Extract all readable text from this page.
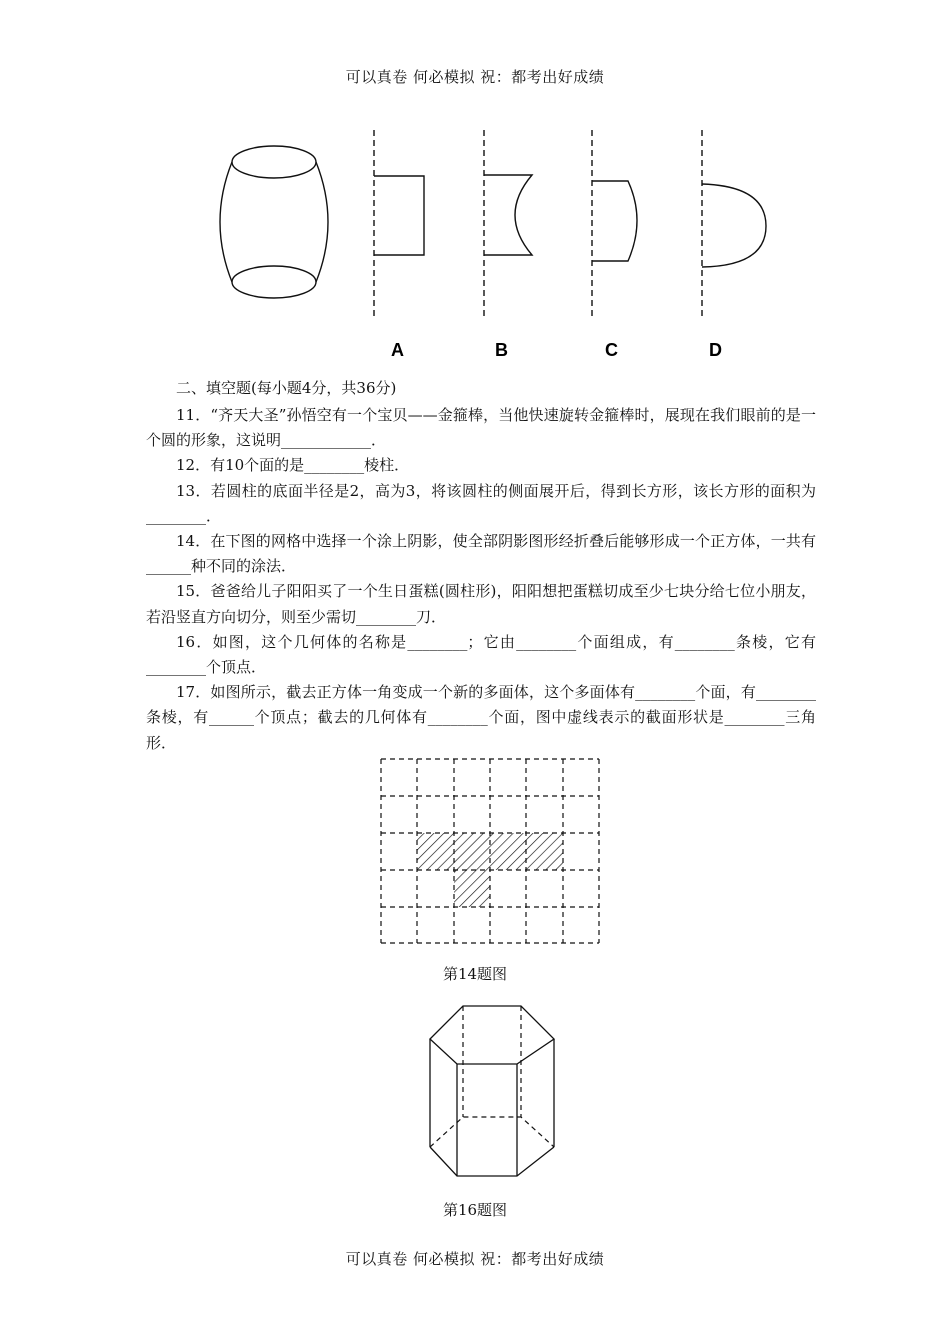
可以真卷 何必模拟 祝：都考出好成绩
A	B	C	D
二、填空题(每小题4分，共36分)

11．“齐天大圣”孙悟空有一个宝贝——金箍棒，当他快速旋转金箍棒时，展现在我们眼前的是一个圆的形象，这说明____________．

12．有10个面的是________棱柱．

13．若圆柱的底面半径是2，高为3，将该圆柱的侧面展开后，得到长方形，该长方形的面积为________．

14．在下图的网格中选择一个涂上阴影，使全部阴影图形经折叠后能够形成一个正方体，一共有______种不同的涂法．

15．爸爸给儿子阳阳买了一个生日蛋糕(圆柱形)，阳阳想把蛋糕切成至少七块分给七位小朋友，若沿竖直方向切分，则至少需切________刀．

16．如图，这个几何体的名称是________；它由________个面组成，有________条棱，它有________个顶点．

17．如图所示，截去正方体一角变成一个新的多面体，这个多面体有________个面，有________条棱，有______个顶点；截去的几何体有________个面，图中虚线表示的截面形状是________三角形．

第14题图
第16题图
可以真卷 何必模拟 祝：都考出好成绩
